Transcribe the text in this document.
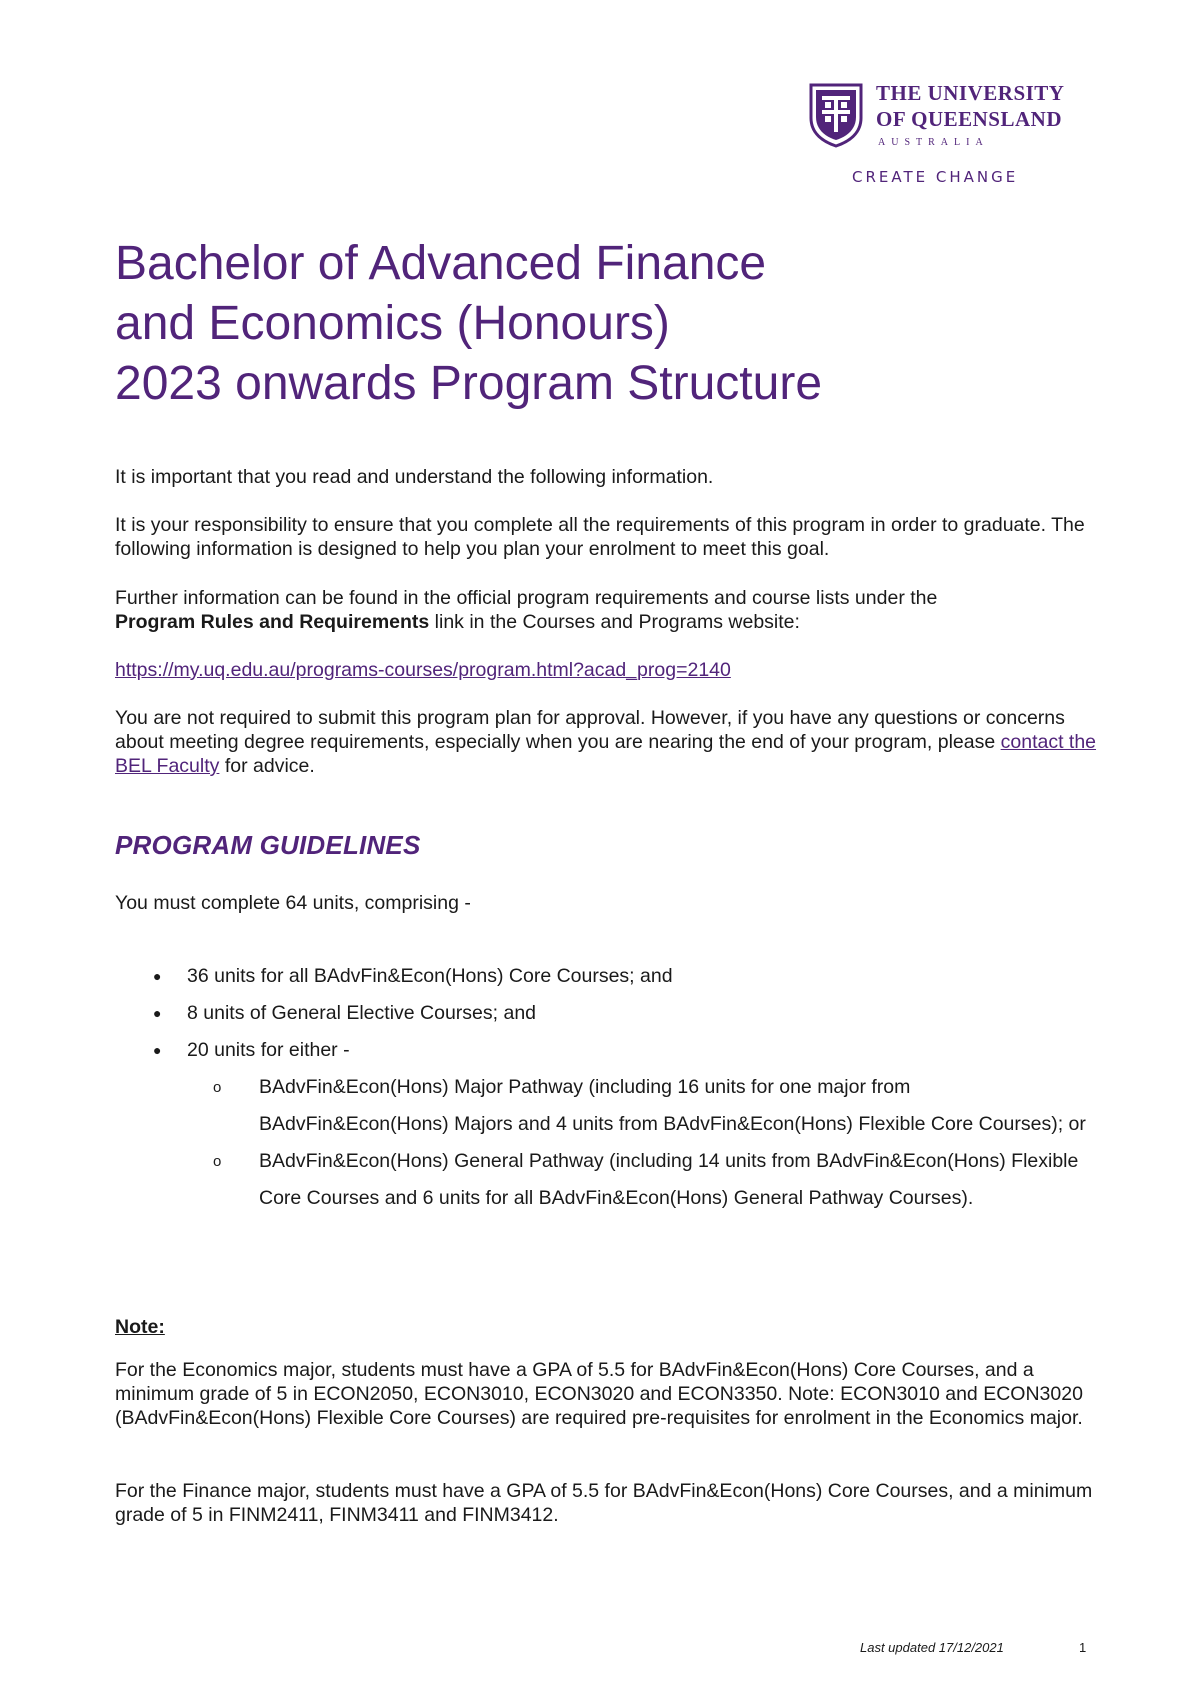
THE UNIVERSITY
OF QUEENSLAND
AUSTRALIA
CREATE CHANGE
Bachelor of Advanced Finance
and Economics (Honours)
2023 onwards Program Structure

It is important that you read and understand the following information.

It is your responsibility to ensure that you complete all the requirements of this program in order to graduate. The following information is designed to help you plan your enrolment to meet this goal.

Further information can be found in the official program requirements and course lists under the
Program Rules and Requirements link in the Courses and Programs website:

https://my.uq.edu.au/programs-courses/program.html?acad_prog=2140

You are not required to submit this program plan for approval. However, if you have any questions or concerns about meeting degree requirements, especially when you are nearing the end of your program, please contact the BEL Faculty for advice.

PROGRAM GUIDELINES

You must complete 64 units, comprising -

● 36 units for all BAdvFin&Econ(Hons) Core Courses; and
● 8 units of General Elective Courses; and
● 20 units for either -
o BAdvFin&Econ(Hons) Major Pathway (including 16 units for one major from BAdvFin&Econ(Hons) Majors and 4 units from BAdvFin&Econ(Hons) Flexible Core Courses); or
o BAdvFin&Econ(Hons) General Pathway (including 14 units from BAdvFin&Econ(Hons) Flexible Core Courses and 6 units for all BAdvFin&Econ(Hons) General Pathway Courses).

Note:

For the Economics major, students must have a GPA of 5.5 for BAdvFin&Econ(Hons) Core Courses, and a minimum grade of 5 in ECON2050, ECON3010, ECON3020 and ECON3350. Note: ECON3010 and ECON3020 (BAdvFin&Econ(Hons) Flexible Core Courses) are required pre-requisites for enrolment in the Economics major.

For the Finance major, students must have a GPA of 5.5 for BAdvFin&Econ(Hons) Core Courses, and a minimum grade of 5 in FINM2411, FINM3411 and FINM3412.

Last updated 17/12/2021	1
